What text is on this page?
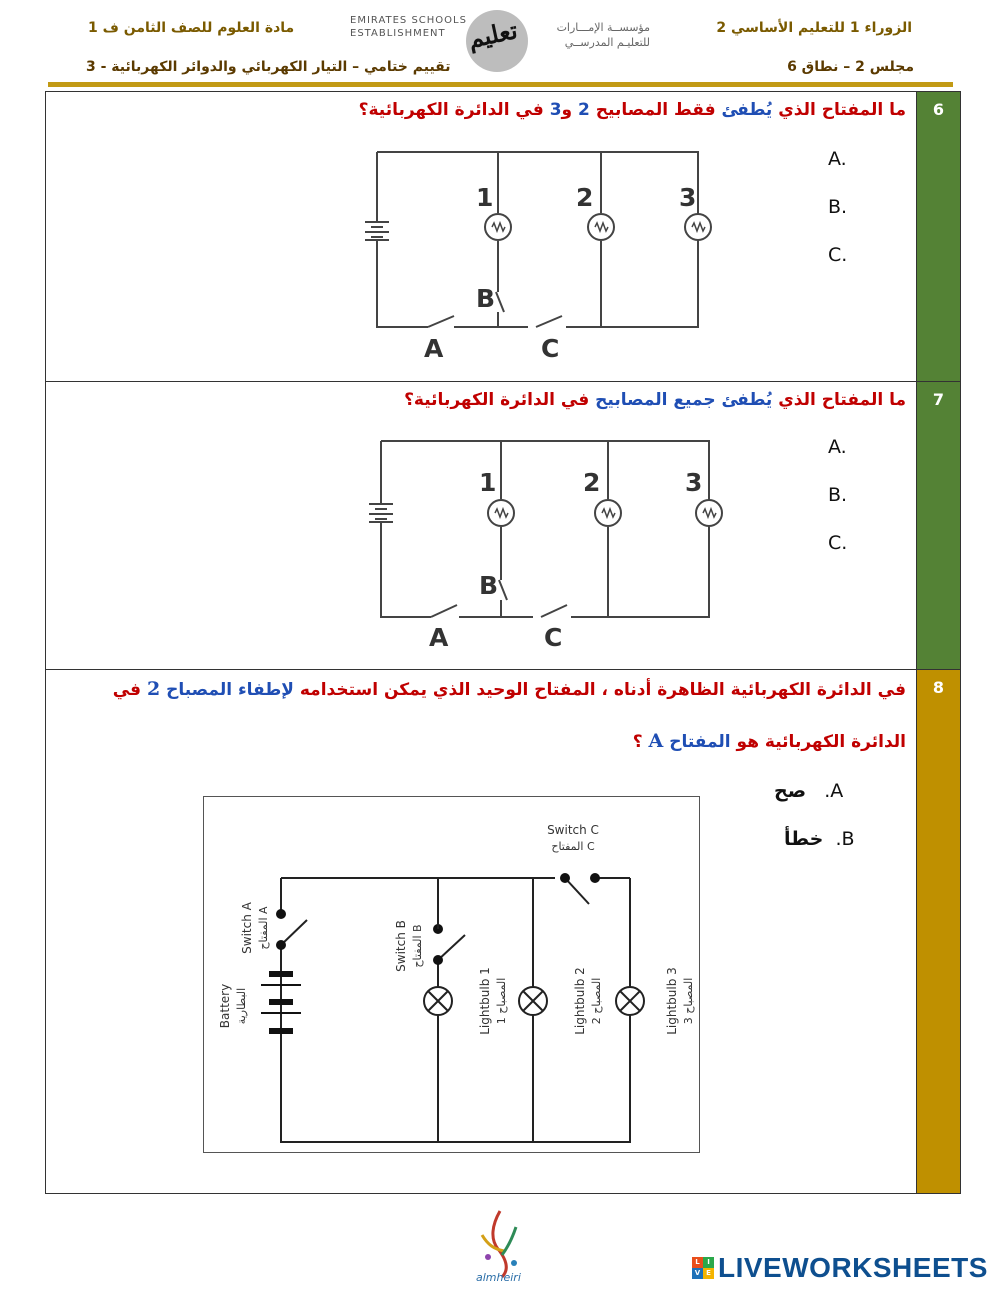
الزوراء 1 للتعليم الأساسي 2
مجلس 2 – نطاق 6
مادة العلوم للصف الثامن ف 1
تقييم ختامي – التيار الكهربائي والدوائر الكهربائية - 3
EMIRATES SCHOOLS
ESTABLISHMENT تعليم	مؤسســة الإمـــارات
للتعليـم المدرســي
6
ما المفتاح الذي يُطفئ فقط المصابيح 2 و3 في الدائرة الكهربائية؟
A.
B.
C.
1	2	3
A
B
C
7
ما المفتاح الذي يُطفئ جميع المصابيح في الدائرة الكهربائية؟
A.
B.
C.
1	2	3
A
B
C
8
في الدائرة الكهربائية الظاهرة أدناه ، المفتاح الوحيد الذي يمكن استخدامه لإطفاء المصباح 2 في
الدائرة الكهربائية هو المفتاح A ؟
A.   صح
B.  خطأ
Switch C
المفتاح C
Switch A المفتاح A
Switch B المفتاح B
Battery البطارية	Lightbulb 1 المصباح 1	Lightbulb 2 المصباح 2	Lightbulb 3 المصباح 3
almheiri
L	I
V E LIVEWORKSHEETS
